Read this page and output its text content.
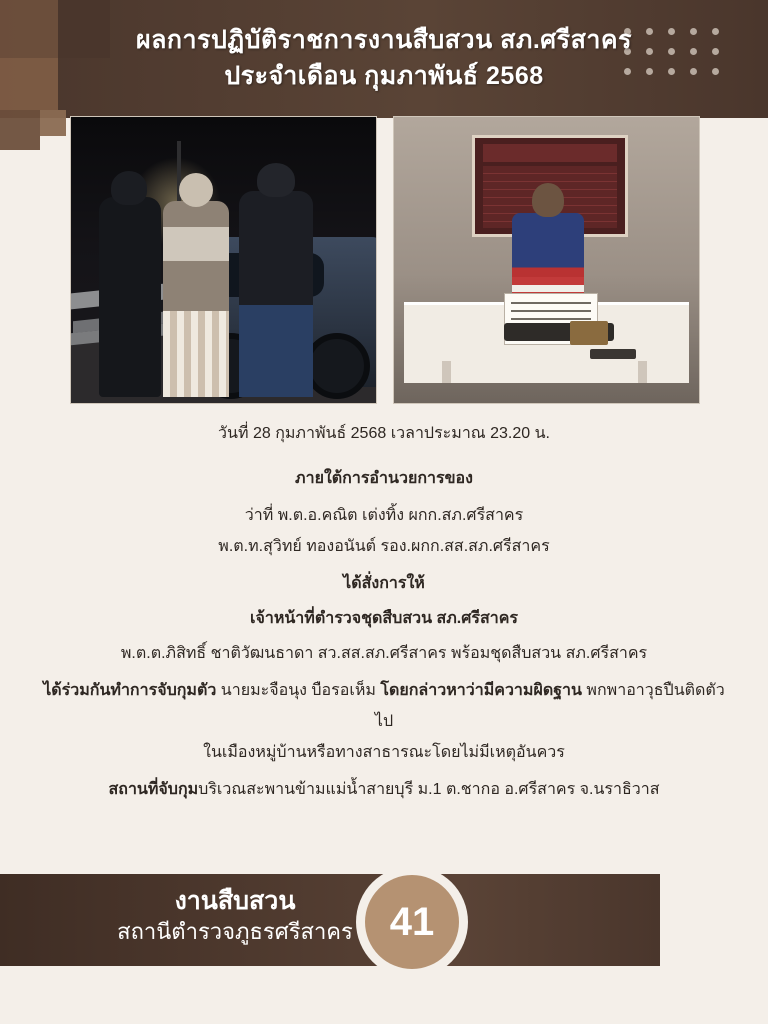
ผลการปฏิบัติราชการงานสืบสวน สภ.ศรีสาคร
ประจำเดือน กุมภาพันธ์ 2568
วันที่ 28 กุมภาพันธ์ 2568 เวลาประมาณ 23.20 น.
ภายใต้การอำนวยการของ
ว่าที่ พ.ต.อ.คณิต เต่งทิ้ง ผกก.สภ.ศรีสาคร
พ.ต.ท.สุวิทย์ ทองอนันต์ รอง.ผกก.สส.สภ.ศรีสาคร
ได้สั่งการให้
เจ้าหน้าที่ตำรวจชุดสืบสวน สภ.ศรีสาคร
พ.ต.ต.ภิสิทธิ์ ชาติวัฒนธาดา สว.สส.สภ.ศรีสาคร พร้อมชุดสืบสวน สภ.ศรีสาคร
ได้ร่วมกันทำการจับกุมตัว นายมะจือนุง บือรอเห็ม โดยกล่าวหาว่ามีความผิดฐาน พกพาอาวุธปืนติดตัวไป
ในเมืองหมู่บ้านหรือทางสาธารณะโดยไม่มีเหตุอันควร
สถานที่จับกุมบริเวณสะพานข้ามแม่น้ำสายบุรี ม.1 ต.ชากอ อ.ศรีสาคร จ.นราธิวาส
งานสืบสวน
สถานีตำรวจภูธรศรีสาคร 41
